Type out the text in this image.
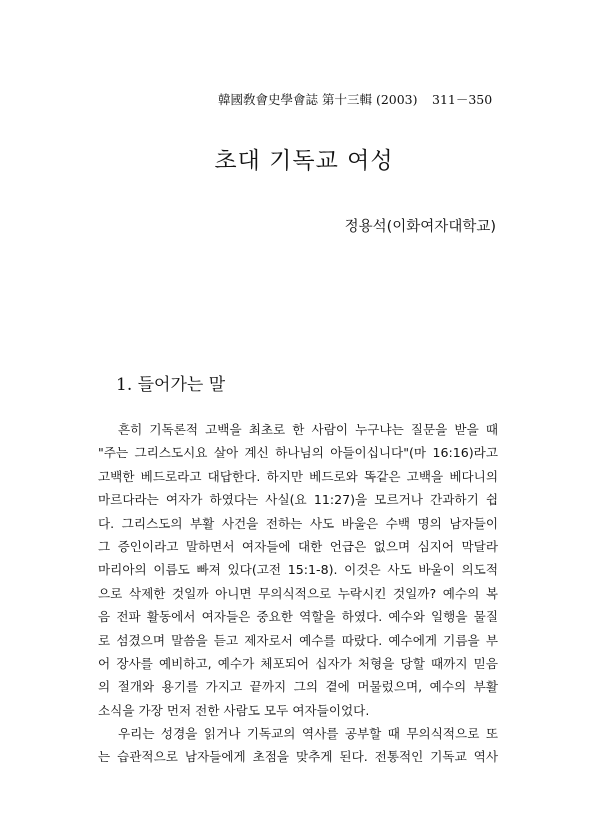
韓國敎會史學會誌 第十三輯 (2003) 311－350
초대 기독교 여성
정용석(이화여자대학교)
1. 들어가는 말
흔히 기독론적 고백을 최초로 한 사람이 누구냐는 질문을 받을 때
"주는 그리스도시요 살아 계신 하나님의 아들이십니다"(마 16:16)라고
고백한 베드로라고 대답한다. 하지만 베드로와 똑같은 고백을 베다니의
마르다라는 여자가 하였다는 사실(요 11:27)을 모르거나 간과하기 쉽
다. 그리스도의 부활 사건을 전하는 사도 바울은 수백 명의 남자들이
그 증인이라고 말하면서 여자들에 대한 언급은 없으며 심지어 막달라
마리아의 이름도 빠져 있다(고전 15:1-8). 이것은 사도 바울이 의도적
으로 삭제한 것일까 아니면 무의식적으로 누락시킨 것일까? 예수의 복
음 전파 활동에서 여자들은 중요한 역할을 하였다. 예수와 일행을 물질
로 섬겼으며 말씀을 듣고 제자로서 예수를 따랐다. 예수에게 기름을 부
어 장사를 예비하고, 예수가 체포되어 십자가 처형을 당할 때까지 믿음
의 절개와 용기를 가지고 끝까지 그의 곁에 머물렀으며, 예수의 부활
소식을 가장 먼저 전한 사람도 모두 여자들이었다.
우리는 성경을 읽거나 기독교의 역사를 공부할 때 무의식적으로 또
는 습관적으로 남자들에게 초점을 맞추게 된다. 전통적인 기독교 역사
